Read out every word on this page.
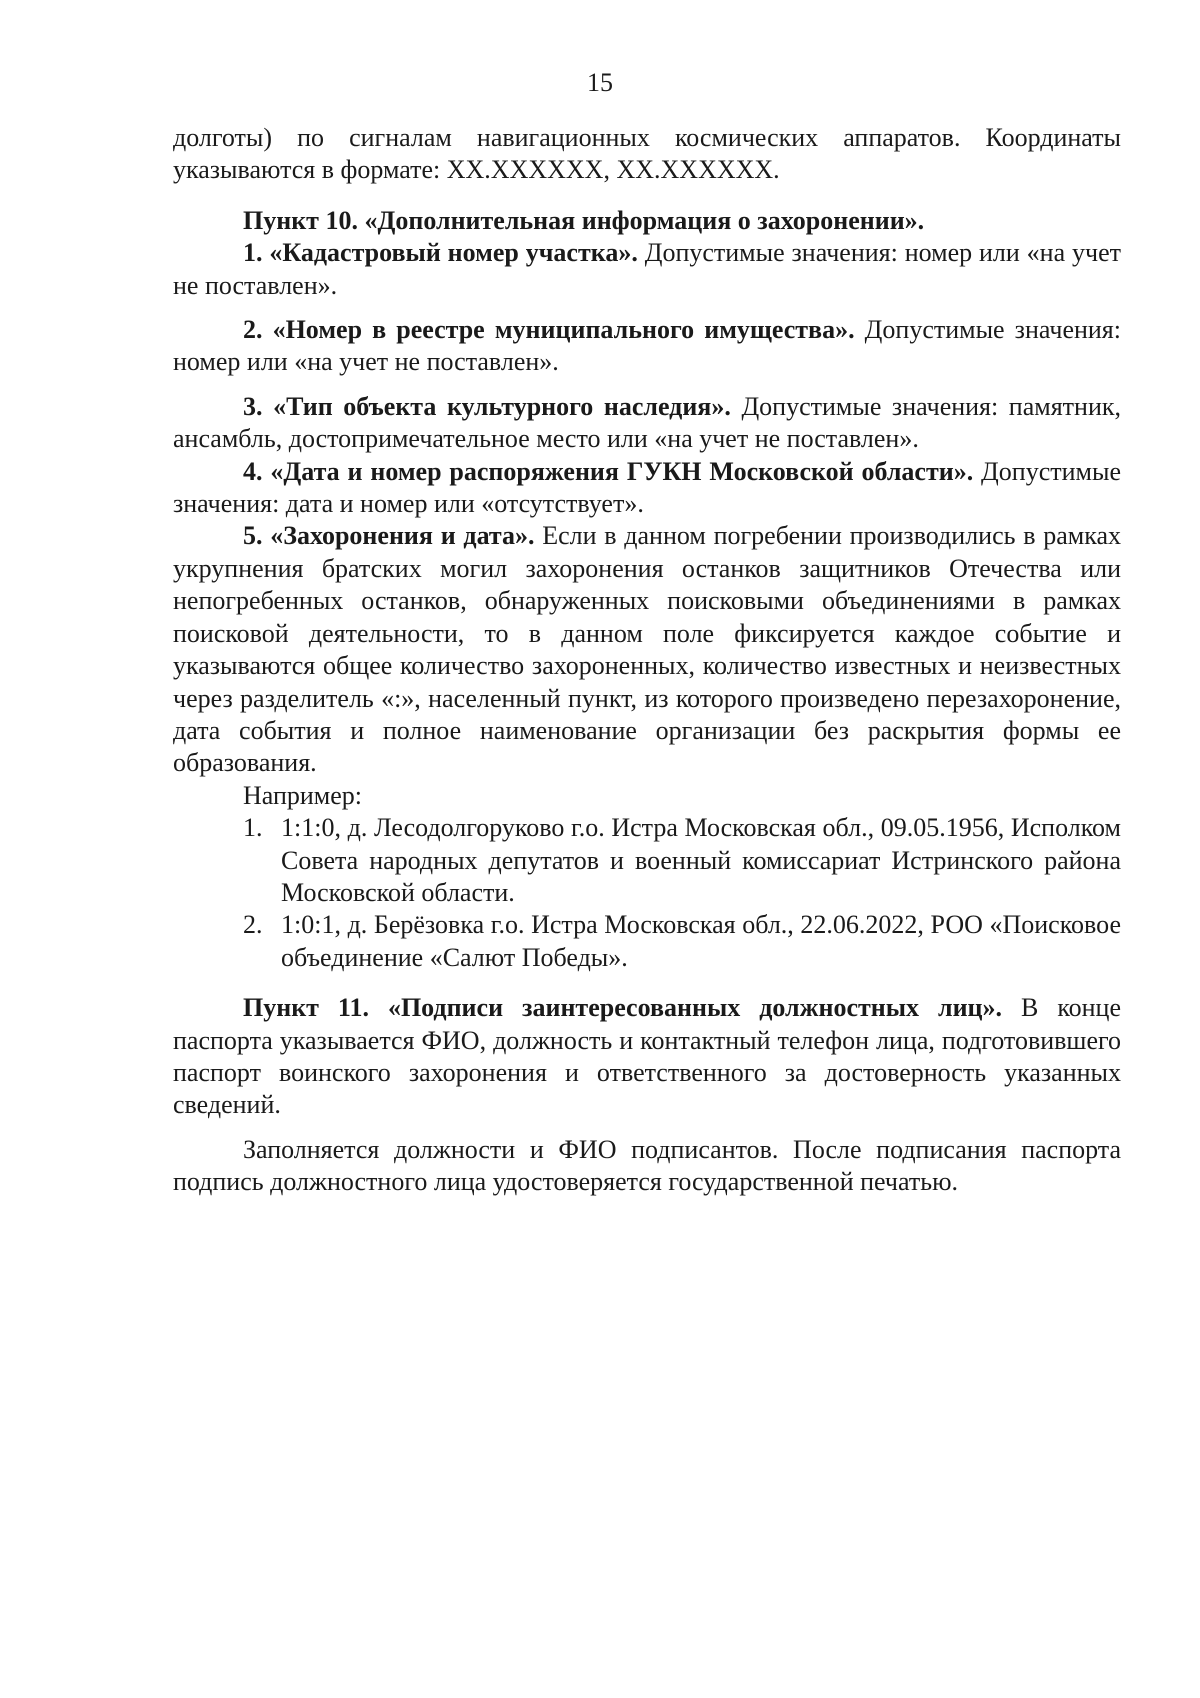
15

долготы) по сигналам навигационных космических аппаратов. Координаты указываются в формате: XX.XXXXXX, XX.XXXXXX.

Пункт 10. «Дополнительная информация о захоронении».

1. «Кадастровый номер участка». Допустимые значения: номер или «на учет не поставлен».

2. «Номер в реестре муниципального имущества». Допустимые значения: номер или «на учет не поставлен».

3. «Тип объекта культурного наследия». Допустимые значения: памятник, ансамбль, достопримечательное место или «на учет не поставлен».

4. «Дата и номер распоряжения ГУКН Московской области». Допустимые значения: дата и номер или «отсутствует».

5. «Захоронения и дата». Если в данном погребении производились в рамках укрупнения братских могил захоронения останков защитников Отечества или непогребенных останков, обнаруженных поисковыми объединениями в рамках поисковой деятельности, то в данном поле фиксируется каждое событие и указываются общее количество захороненных, количество известных и неизвестных через разделитель «:», населенный пункт, из которого произведено перезахоронение, дата события и полное наименование организации без раскрытия формы ее образования.

Например:

1. 1:1:0, д. Лесодолгоруково г.о. Истра Московская обл., 09.05.1956, Исполком Совета народных депутатов и военный комиссариат Истринского района Московской области.
2. 1:0:1, д. Берёзовка г.о. Истра Московская обл., 22.06.2022, РОО «Поисковое объединение «Салют Победы».

Пункт 11. «Подписи заинтересованных должностных лиц». В конце паспорта указывается ФИО, должность и контактный телефон лица, подготовившего паспорт воинского захоронения и ответственного за достоверность указанных сведений.

Заполняется должности и ФИО подписантов. После подписания паспорта подпись должностного лица удостоверяется государственной печатью.
